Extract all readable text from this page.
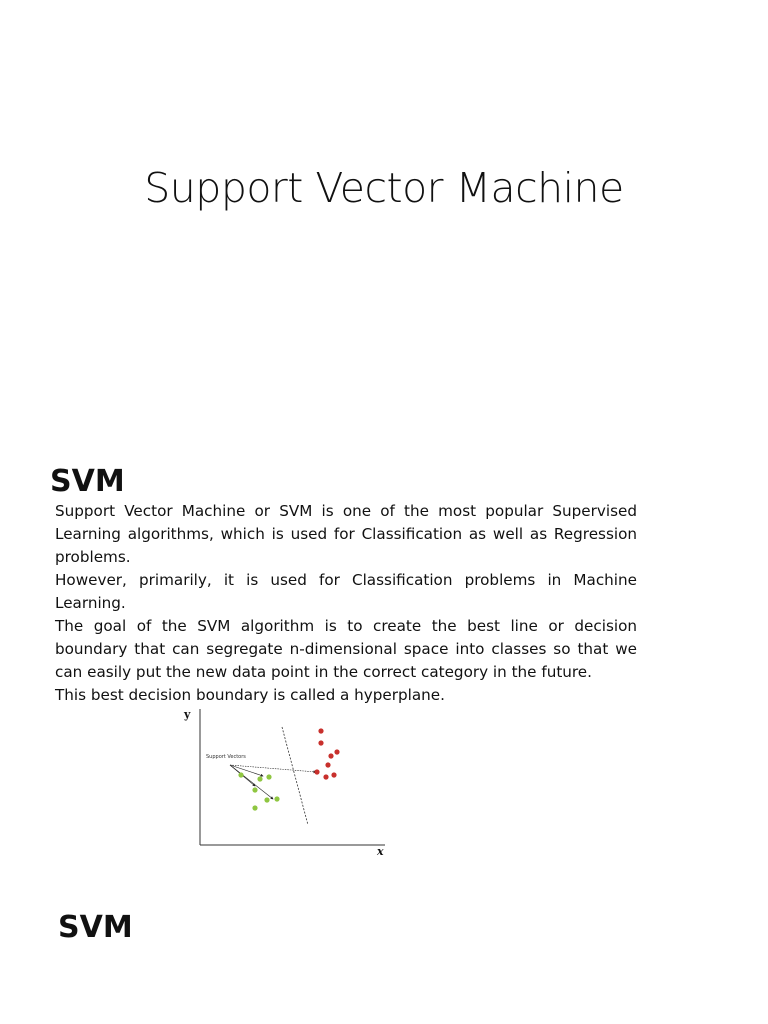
Support Vector Machine
SVM

Support Vector Machine or SVM is one of the most popular Supervised Learning algorithms, which is used for Classification as well as Regression problems.

However, primarily, it is used for Classification problems in Machine Learning.

The goal of the SVM algorithm is to create the best line or decision boundary that can segregate n-dimensional space into classes so that we can easily put the new data point in the correct category in the future.

This best decision boundary is called a hyperplane.

y
x
Support Vectors
SVM
